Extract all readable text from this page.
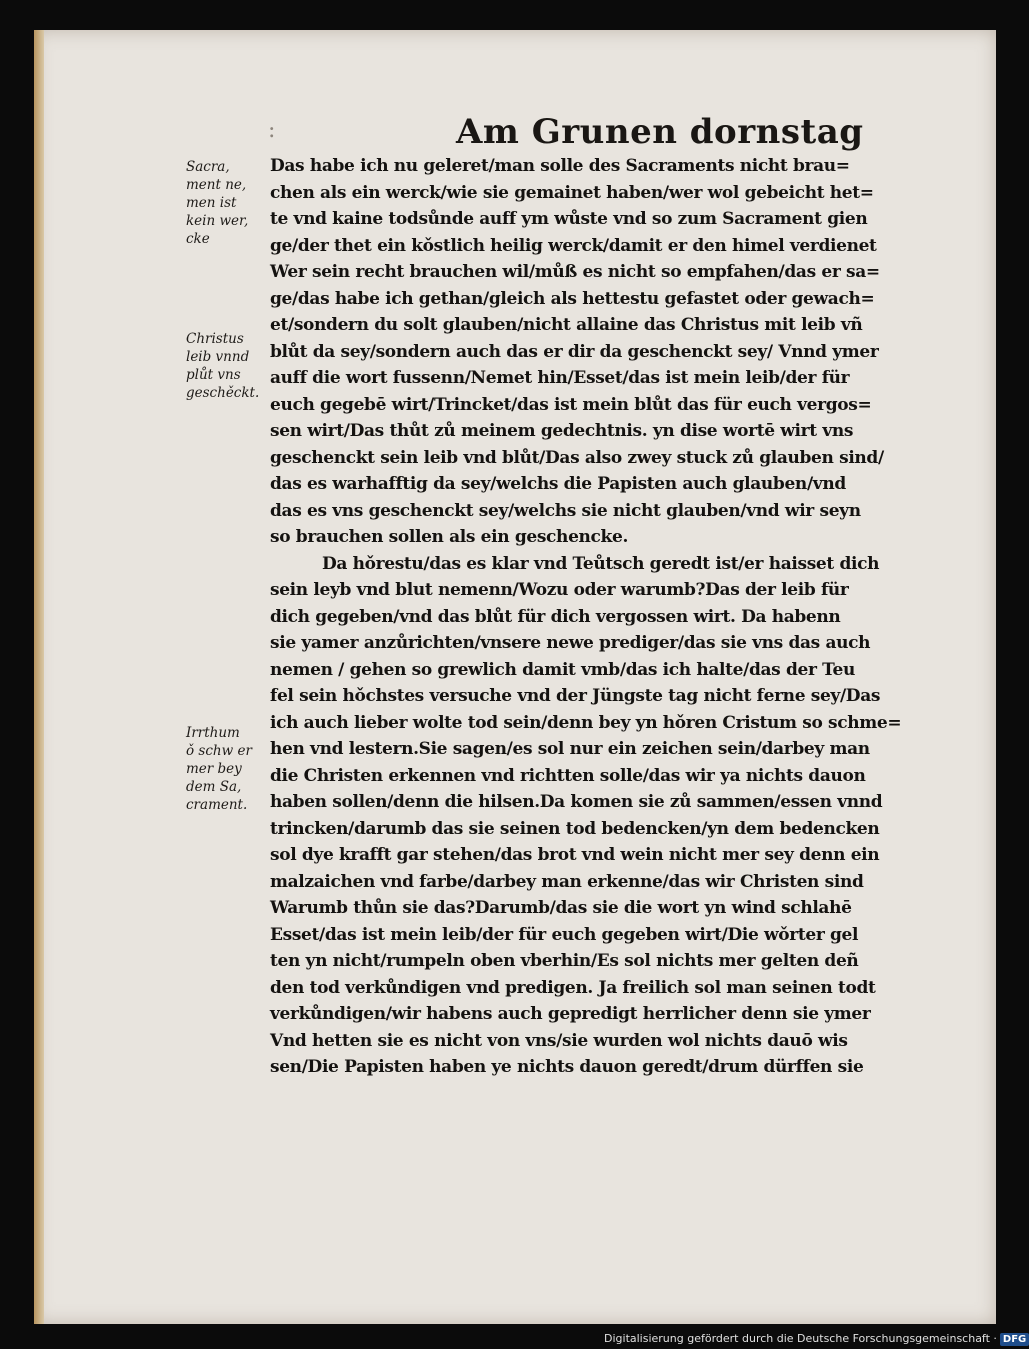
:	Am Grunen dornstag
Sacra,
ment ne,
men ist
kein wer,
cke
Christus
leib vnnd
plůt vns
geschěckt.
Irrthum
ǒ schw er
mer bey
dem Sa,
crament.
Das habe ich nu geleret/man solle des Sacraments nicht brau=
chen als ein werck/wie sie gemainet haben/wer wol gebeicht het=
te vnd kaine todsůnde auff ym wůste vnd so zum Sacrament gien
ge/der thet ein kǒstlich heilig werck/damit er den himel verdienet
Wer sein recht brauchen wil/můß es nicht so empfahen/das er sa=
ge/das habe ich gethan/gleich als hettestu gefastet oder gewach=
et/sondern du solt glauben/nicht allaine das Christus mit leib vñ
blůt da sey/sondern auch das er dir da geschenckt sey/ Vnnd ymer
auff die wort fussenn/Nemet hin/Esset/das ist mein leib/der für
euch gegebē wirt/Trincket/das ist mein blůt das für euch vergos=
sen wirt/Das thůt zů meinem gedechtnis. yn dise wortē wirt vns
geschenckt sein leib vnd blůt/Das also zwey stuck zů glauben sind/
das es warhafftig da sey/welchs die Papisten auch glauben/vnd
das es vns geschenckt sey/welchs sie nicht glauben/vnd wir seyn
so brauchen sollen als ein geschencke.
Da hǒrestu/das es klar vnd Teůtsch geredt ist/er haisset dich
sein leyb vnd blut nemenn/Wozu oder warumb?Das der leib für
dich gegeben/vnd das blůt für dich vergossen wirt. Da habenn
sie yamer anzůrichten/vnsere newe prediger/das sie vns das auch
nemen / gehen so grewlich damit vmb/das ich halte/das der Teu
fel sein hǒchstes versuche vnd der Jüngste tag nicht ferne sey/Das
ich auch lieber wolte tod sein/denn bey yn hǒren Cristum so schme=
hen vnd lestern.Sie sagen/es sol nur ein zeichen sein/darbey man
die Christen erkennen vnd richtten solle/das wir ya nichts dauon
haben sollen/denn die hilsen.Da komen sie zů sammen/essen vnnd
trincken/darumb das sie seinen tod bedencken/yn dem bedencken
sol dye krafft gar stehen/das brot vnd wein nicht mer sey denn ein
malzaichen vnd farbe/darbey man erkenne/das wir Christen sind
Warumb thůn sie das?Darumb/das sie die wort yn wind schlahē
Esset/das ist mein leib/der für euch gegeben wirt/Die wǒrter gel
ten yn nicht/rumpeln oben vberhin/Es sol nichts mer gelten deñ
den tod verkůndigen vnd predigen. Ja freilich sol man seinen todt
verkůndigen/wir habens auch gepredigt herrlicher denn sie ymer
Vnd hetten sie es nicht von vns/sie wurden wol nichts dauō wis
sen/Die Papisten haben ye nichts dauon geredt/drum dürffen sie
Digitalisierung gefördert durch die Deutsche Forschungsgemeinschaft · DFG
